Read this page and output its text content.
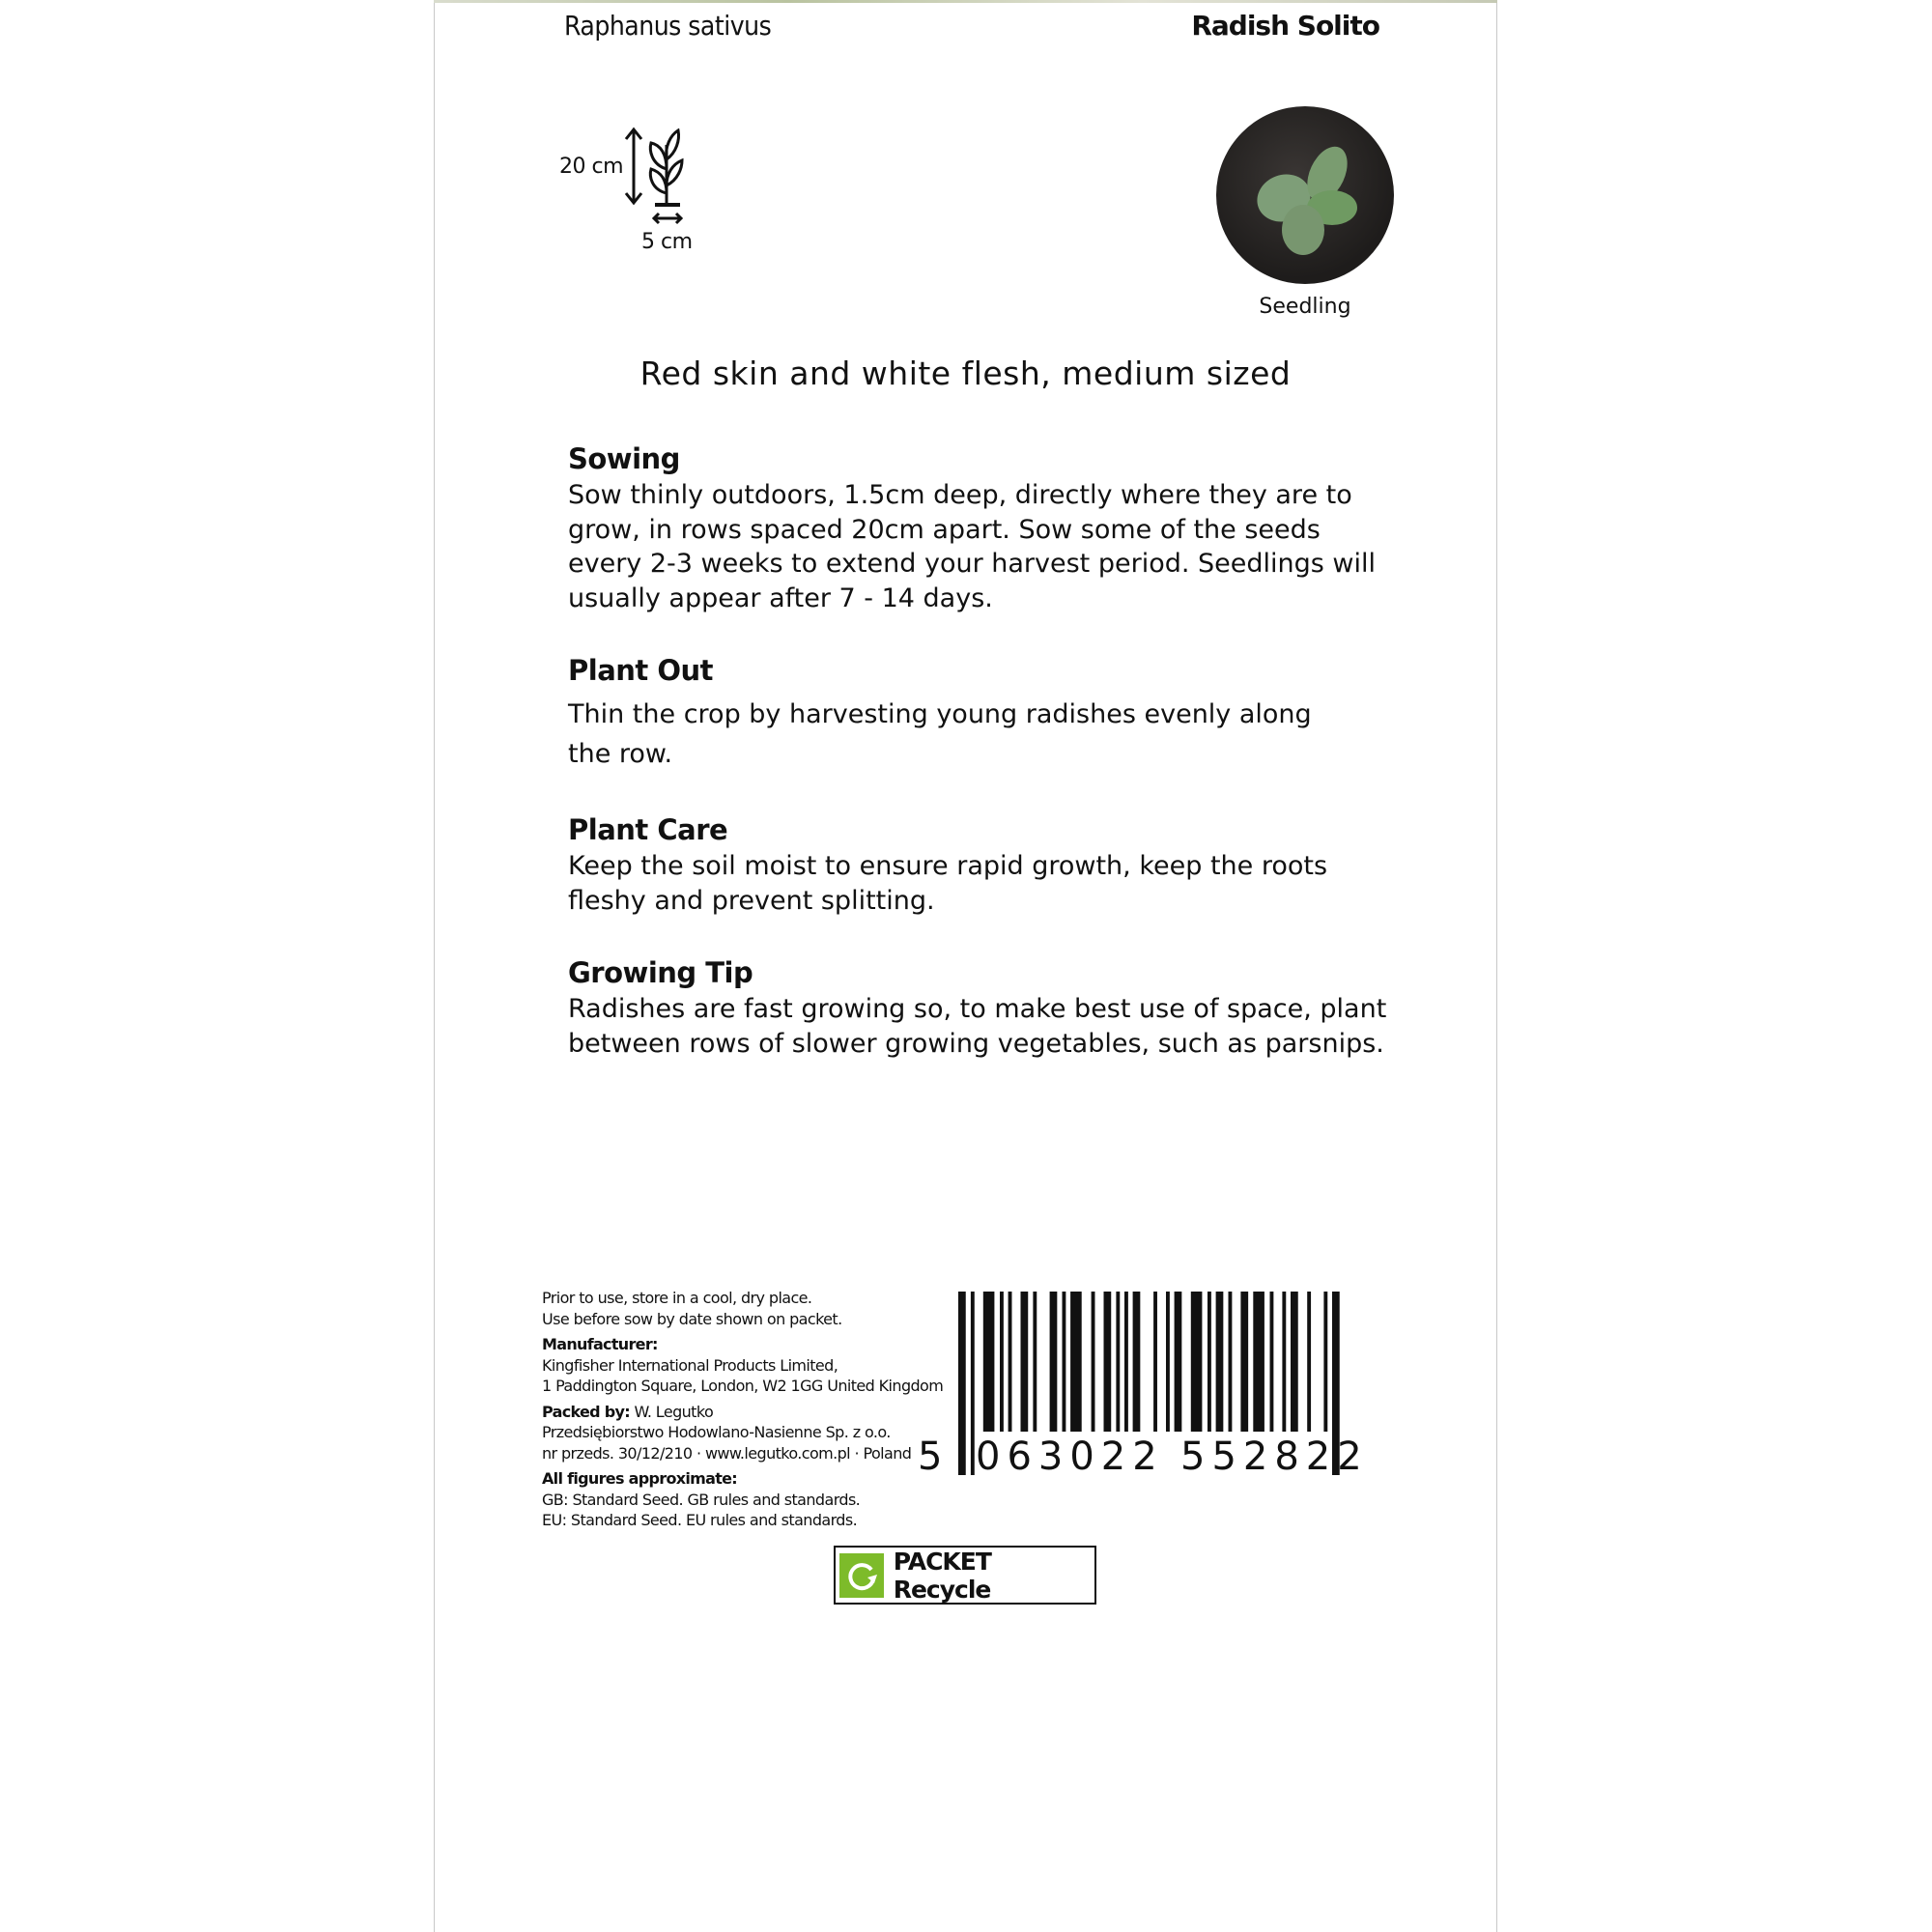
Raphanus sativus	Radish Solito
20 cm
5 cm
Seedling
Red skin and white flesh, medium sized
Sowing
Sow thinly outdoors, 1.5cm deep, directly where they are to
grow, in rows spaced 20cm apart. Sow some of the seeds
every 2-3 weeks to extend your harvest period. Seedlings will
usually appear after 7 - 14 days.
Plant Out
Thin the crop by harvesting young radishes evenly along
the row.
Plant Care
Keep the soil moist to ensure rapid growth, keep the roots
fleshy and prevent splitting.
Growing Tip
Radishes are fast growing so, to make best use of space, plant
between rows of slower growing vegetables, such as parsnips.
Prior to use, store in a cool, dry place.
Use before sow by date shown on packet.
Manufacturer:
Kingfisher International Products Limited,
1 Paddington Square, London, W2 1GG United Kingdom
Packed by: W. Legutko
Przedsiębiorstwo Hodowlano-Nasienne Sp. z o.o.
nr przeds. 30/12/210 · www.legutko.com.pl · Poland
All figures approximate:
GB: Standard Seed. GB rules and standards.
EU: Standard Seed. EU rules and standards.
5 063022 552822
PACKET Recycle
